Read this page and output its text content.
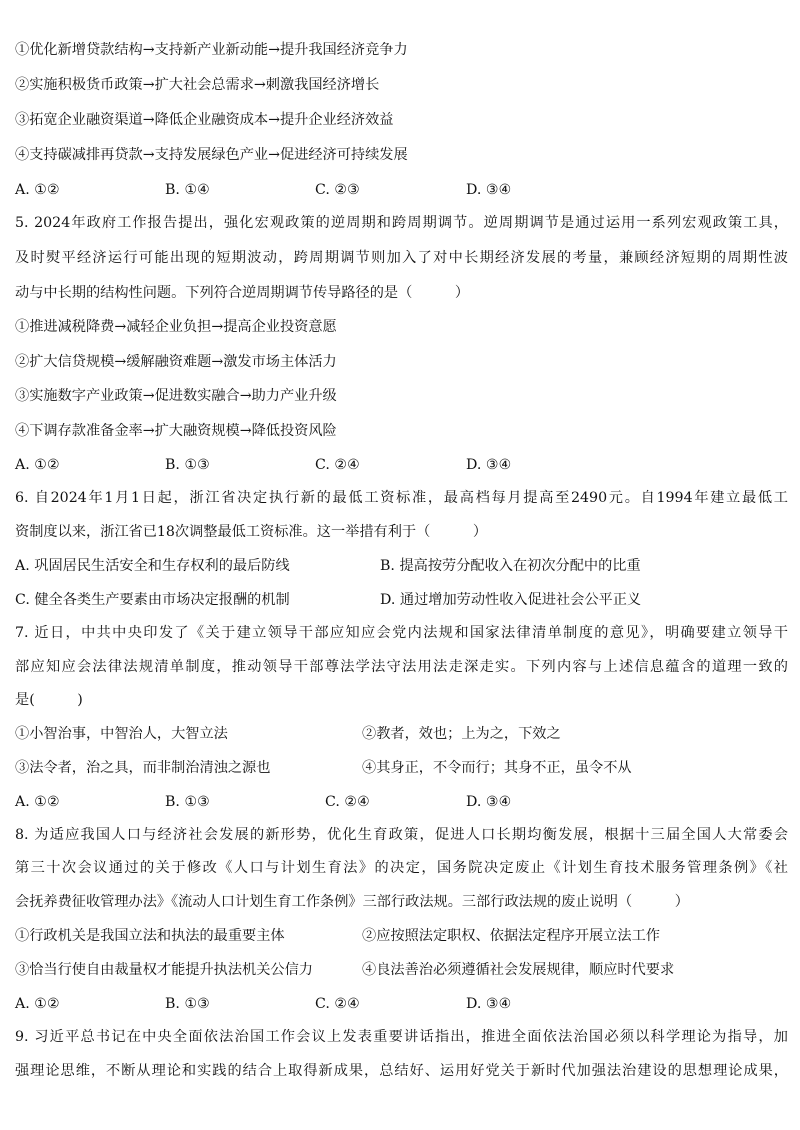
①优化新增贷款结构→支持新产业新动能→提升我国经济竞争力
②实施积极货币政策→扩大社会总需求→刺激我国经济增长
③拓宽企业融资渠道→降低企业融资成本→提升企业经济效益
④支持碳减排再贷款→支持发展绿色产业→促进经济可持续发展
A. ①②	B. ①④	C. ②③	D. ③④
5. 2024年政府工作报告提出，强化宏观政策的逆周期和跨周期调节。逆周期调节是通过运用一系列宏观政策工具，
及时熨平经济运行可能出现的短期波动，跨周期调节则加入了对中长期经济发展的考量，兼顾经济短期的周期性波
动与中长期的结构性问题。下列符合逆周期调节传导路径的是（　　　）
①推进减税降费→减轻企业负担→提高企业投资意愿
②扩大信贷规模→缓解融资难题→激发市场主体活力
③实施数字产业政策→促进数实融合→助力产业升级
④下调存款准备金率→扩大融资规模→降低投资风险
A. ①②	B. ①③	C. ②④	D. ③④
6. 自2024年1月1日起，浙江省决定执行新的最低工资标准，最高档每月提高至2490元。自1994年建立最低工
资制度以来，浙江省已18次调整最低工资标准。这一举措有利于（　　　）
A. 巩固居民生活安全和生存权利的最后防线	B. 提高按劳分配收入在初次分配中的比重
C. 健全各类生产要素由市场决定报酬的机制	D. 通过增加劳动性收入促进社会公平正义
7. 近日，中共中央印发了《关于建立领导干部应知应会党内法规和国家法律清单制度的意见》，明确要建立领导干
部应知应会法律法规清单制度，推动领导干部尊法学法守法用法走深走实。下列内容与上述信息蕴含的道理一致的
是(　　　)
①小智治事，中智治人，大智立法	②教者，效也；上为之，下效之
③法令者，治之具，而非制治清浊之源也	④其身正，不令而行；其身不正，虽令不从
A. ①②	B. ①③	C. ②④	D. ③④
8. 为适应我国人口与经济社会发展的新形势，优化生育政策，促进人口长期均衡发展，根据十三届全国人大常委会
第三十次会议通过的关于修改《人口与计划生育法》的决定，国务院决定废止《计划生育技术服务管理条例》《社
会抚养费征收管理办法》《流动人口计划生育工作条例》三部行政法规。三部行政法规的废止说明（　　　）
①行政机关是我国立法和执法的最重要主体	②应按照法定职权、依据法定程序开展立法工作
③恰当行使自由裁量权才能提升执法机关公信力	④良法善治必须遵循社会发展规律，顺应时代要求
A. ①②	B. ①③	C. ②④	D. ③④
9. 习近平总书记在中央全面依法治国工作会议上发表重要讲话指出，推进全面依法治国必须以科学理论为指导，加
强理论思维，不断从理论和实践的结合上取得新成果，总结好、运用好党关于新时代加强法治建设的思想理论成果，
